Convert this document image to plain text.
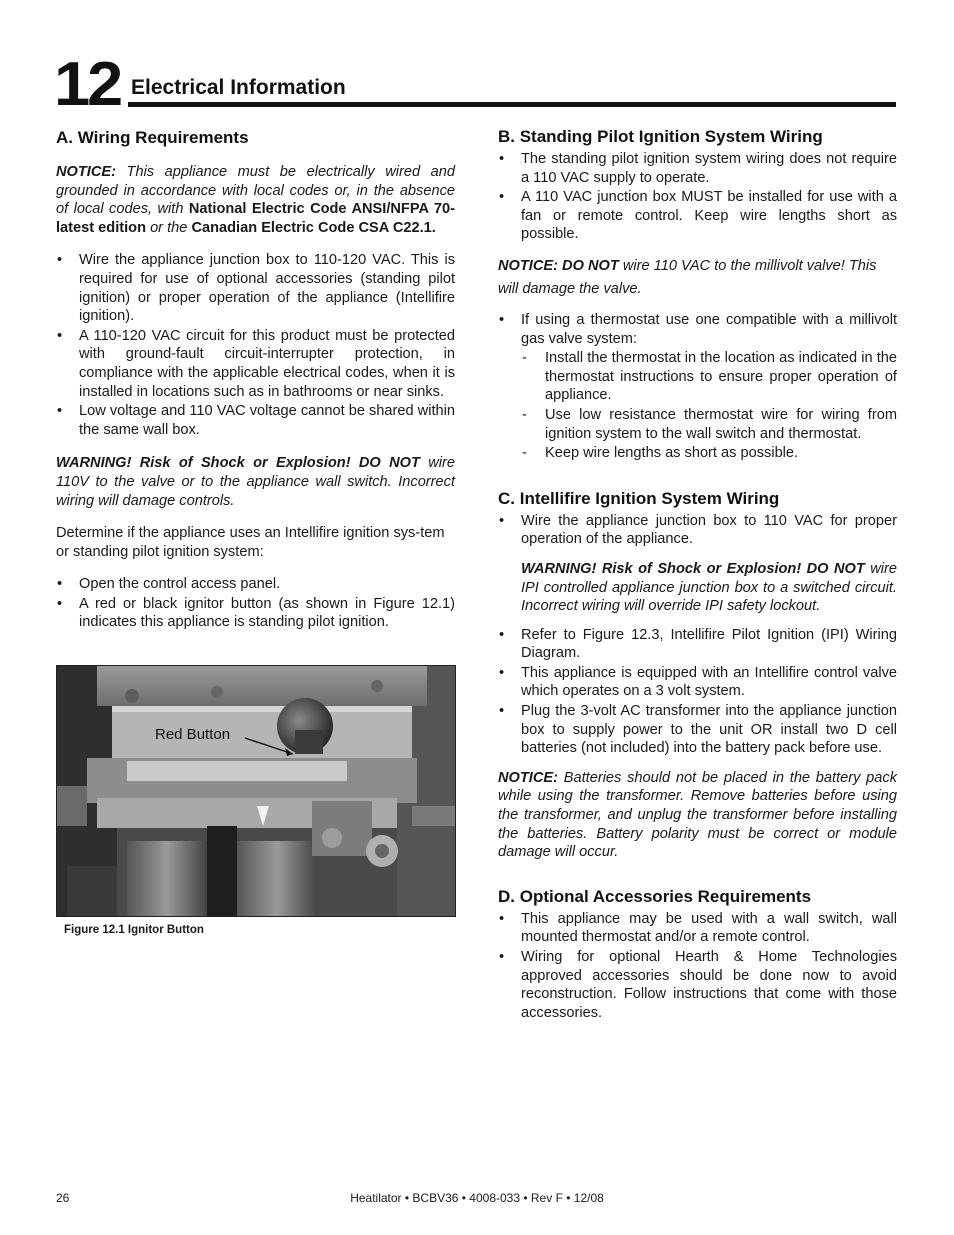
12 Electrical Information
A. Wiring Requirements

NOTICE: This appliance must be electrically wired and grounded in accordance with local codes or, in the absence of local codes, with National Electric Code ANSI/NFPA 70-latest edition or the Canadian Electric Code CSA C22.1.

• Wire the appliance junction box to 110-120 VAC. This is required for use of optional accessories (standing pilot ignition) or proper operation of the appliance (Intellifire ignition).
• A 110-120 VAC circuit for this product must be protected with ground-fault circuit-interrupter protection, in compliance with the applicable electrical codes, when it is installed in locations such as in bathrooms or near sinks.
• Low voltage and 110 VAC voltage cannot be shared within the same wall box.

WARNING! Risk of Shock or Explosion! DO NOT wire 110V to the valve or to the appliance wall switch. Incorrect wiring will damage controls.

Determine if the appliance uses an Intellifire ignition sys-tem or standing pilot ignition system:

• Open the control access panel.
• A red or black ignitor button (as shown in Figure 12.1) indicates this appliance is standing pilot ignition.
Red Button
Figure 12.1 Ignitor Button
B. Standing Pilot Ignition System Wiring
• The standing pilot ignition system wiring does not require a 110 VAC supply to operate.
• A 110 VAC junction box MUST be installed for use with a fan or remote control. Keep wire lengths short as possible.

NOTICE: DO NOT wire 110 VAC to the millivolt valve! This will damage the valve.

• If using a thermostat use one compatible with a millivolt gas valve system:
- Install the thermostat in the location as indicated in the thermostat instructions to ensure proper operation of appliance.
- Use low resistance thermostat wire for wiring from ignition system to the wall switch and thermostat.
- Keep wire lengths as short as possible.
C. Intellifire Ignition System Wiring
• Wire the appliance junction box to 110 VAC for proper operation of the appliance.

WARNING! Risk of Shock or Explosion! DO NOT wire IPI controlled appliance junction box to a switched circuit. Incorrect wiring will override IPI safety lockout.

• Refer to Figure 12.3, Intellifire Pilot Ignition (IPI) Wiring Diagram.
• This appliance is equipped with an Intellifire control valve which operates on a 3 volt system.
• Plug the 3-volt AC transformer into the appliance junction box to supply power to the unit OR install two D cell batteries (not included) into the battery pack before use.

NOTICE: Batteries should not be placed in the battery pack while using the transformer. Remove batteries before using the transformer, and unplug the transformer before installing the batteries. Battery polarity must be correct or module damage will occur.

D. Optional Accessories Requirements
• This appliance may be used with a wall switch, wall mounted thermostat and/or a remote control.
• Wiring for optional Hearth & Home Technologies approved accessories should be done now to avoid reconstruction. Follow instructions that come with those accessories.
26	Heatilator • BCBV36 • 4008-033 • Rev F • 12/08
